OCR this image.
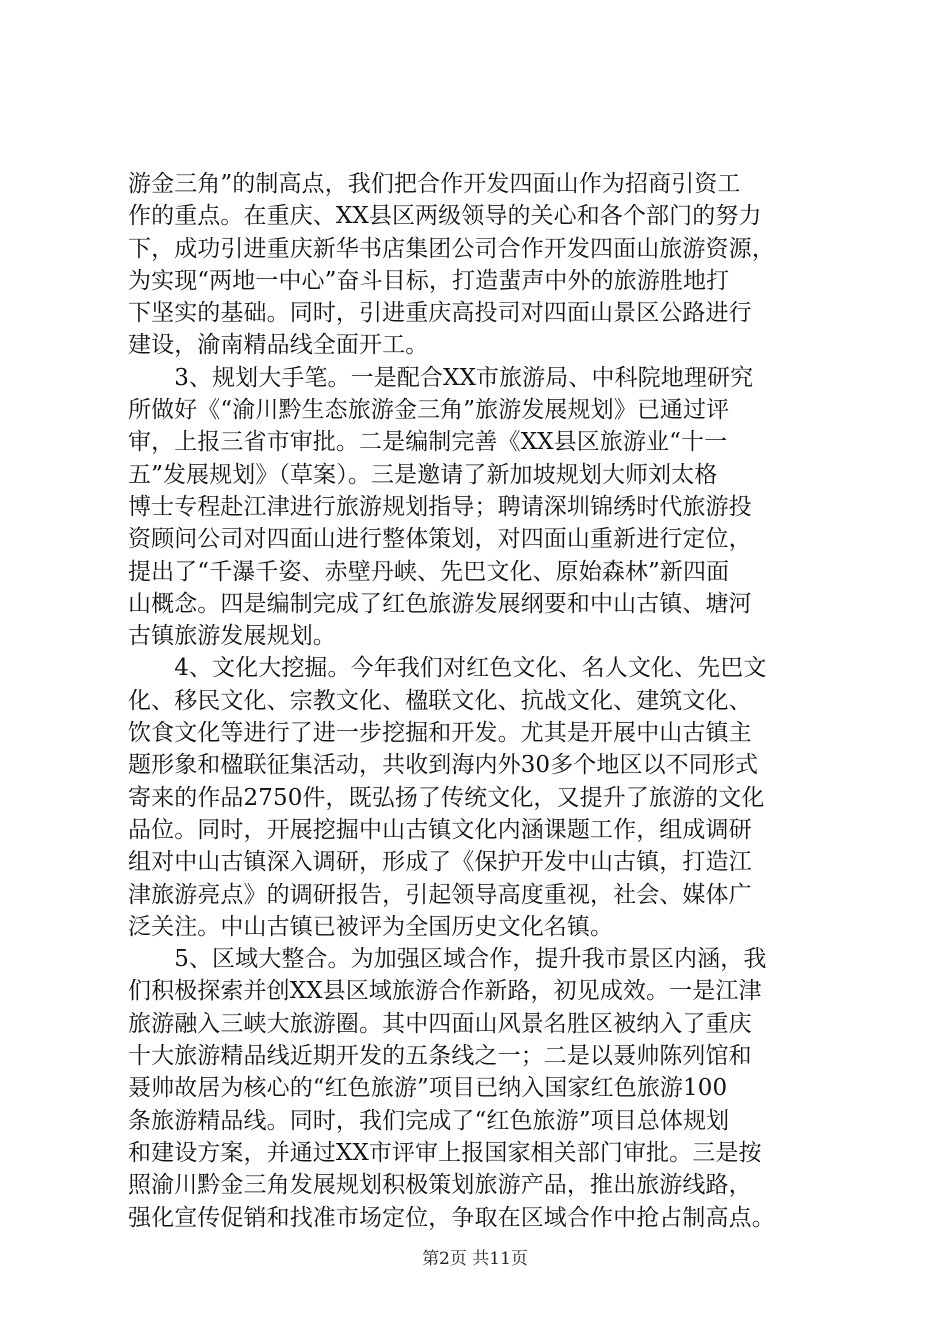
游金三角”的制高点，我们把合作开发四面山作为招商引资工
作的重点。在重庆、XX县区两级领导的关心和各个部门的努力
下，成功引进重庆新华书店集团公司合作开发四面山旅游资源，
为实现“两地一中心”奋斗目标，打造蜚声中外的旅游胜地打
下坚实的基础。同时，引进重庆高投司对四面山景区公路进行
建设，渝南精品线全面开工。
　　3、规划大手笔。一是配合XX市旅游局、中科院地理研究
所做好《“渝川黔生态旅游金三角”旅游发展规划》已通过评
审，上报三省市审批。二是编制完善《XX县区旅游业“十一
五”发展规划》（草案）。三是邀请了新加坡规划大师刘太格
博士专程赴江津进行旅游规划指导；聘请深圳锦绣时代旅游投
资顾问公司对四面山进行整体策划，对四面山重新进行定位，
提出了“千瀑千姿、赤壁丹峡、先巴文化、原始森林”新四面
山概念。四是编制完成了红色旅游发展纲要和中山古镇、塘河
古镇旅游发展规划。
　　4、文化大挖掘。今年我们对红色文化、名人文化、先巴文
化、移民文化、宗教文化、楹联文化、抗战文化、建筑文化、
饮食文化等进行了进一步挖掘和开发。尤其是开展中山古镇主
题形象和楹联征集活动，共收到海内外30多个地区以不同形式
寄来的作品2750件，既弘扬了传统文化，又提升了旅游的文化
品位。同时，开展挖掘中山古镇文化内涵课题工作，组成调研
组对中山古镇深入调研，形成了《保护开发中山古镇，打造江
津旅游亮点》的调研报告，引起领导高度重视，社会、媒体广
泛关注。中山古镇已被评为全国历史文化名镇。
　　5、区域大整合。为加强区域合作，提升我市景区内涵，我
们积极探索并创XX县区域旅游合作新路，初见成效。一是江津
旅游融入三峡大旅游圈。其中四面山风景名胜区被纳入了重庆
十大旅游精品线近期开发的五条线之一；二是以聂帅陈列馆和
聂帅故居为核心的“红色旅游”项目已纳入国家红色旅游100
条旅游精品线。同时，我们完成了“红色旅游”项目总体规划
和建设方案，并通过XX市评审上报国家相关部门审批。三是按
照渝川黔金三角发展规划积极策划旅游产品，推出旅游线路，
强化宣传促销和找准市场定位，争取在区域合作中抢占制高点。
第2页 共11页
